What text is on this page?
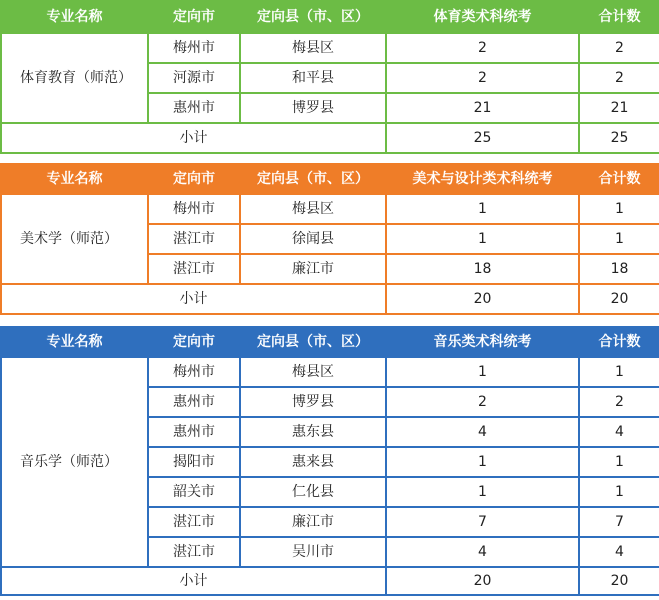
专业名称	定向市	定向县（市、区）	体育类术科统考	合计数
体育教育（师范）	梅州市	梅县区	2	2
	河源市	和平县	2	2
	惠州市	博罗县	21	21
小计			25	25
专业名称	定向市	定向县（市、区）	美术与设计类术科统考	合计数
美术学（师范）	梅州市	梅县区	1	1
	湛江市	徐闻县	1	1
	湛江市	廉江市	18	18
小计			20	20
专业名称	定向市	定向县（市、区）	音乐类术科统考	合计数
音乐学（师范）	梅州市	梅县区	1	1
	惠州市	博罗县	2	2
	惠州市	惠东县	4	4
	揭阳市	惠来县	1	1
	韶关市	仁化县	1	1
	湛江市	廉江市	7	7
	湛江市	吴川市	4	4
小计			20	20
